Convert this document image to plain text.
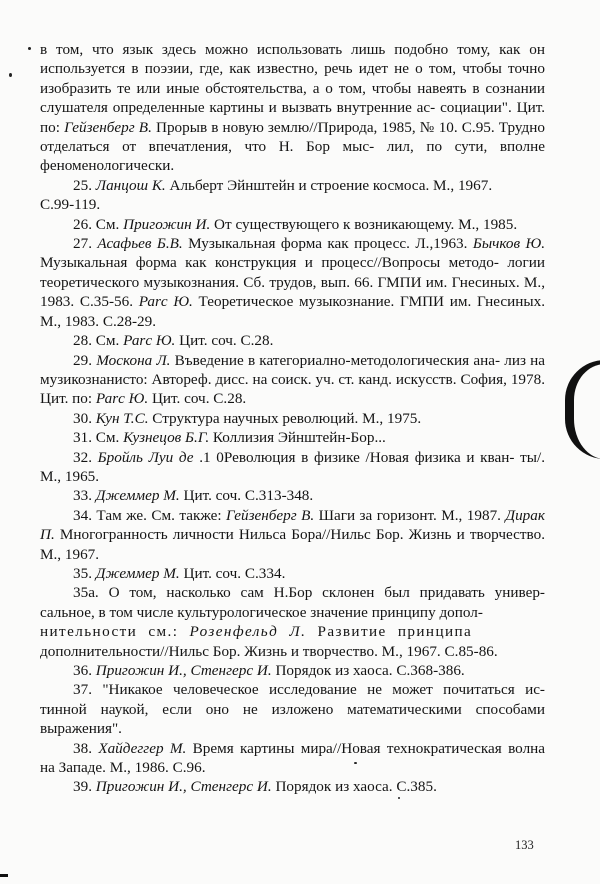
в том, что язык здесь можно использовать лишь подобно тому, как он используется в поэзии, где, как известно, речь идет не о том, чтобы точно изобразить те или иные обстоятельства, а о том, чтобы навеять в сознании слушателя определенные картины и вызвать внутренние ас- социации". Цит. по: Гейзенберг В. Прорыв в новую землю//Природа, 1985, № 10. С.95. Трудно отделаться от впечатления, что Н. Бор мыс- лил, по сути, вполне феноменологически.

25. Ланцош К. Альберт Эйнштейн и строение космоса. М., 1967.

С.99-119.

26. См. Пригожин И. От существующего к возникающему. М., 1985.

27. Асафьев Б.В. Музыкальная форма как процесс. Л.,1963. Бычков Ю. Музыкальная форма как конструкция и процесс//Вопросы методо- логии теоретического музыкознания. Сб. трудов, вып. 66. ГМПИ им. Гнесиных. М., 1983. С.35-56. Раrс Ю. Теоретическое музыкознание. ГМПИ им. Гнесиных. М., 1983. С.28-29.

28. См. Раrс Ю. Цит. соч. С.28.

29. Москона Л. Въведение в категориално-методологическия ана- лиз на музикознанисто: Автореф. дисс. на соиск. уч. ст. канд. искусств. София, 1978. Цит. по: Раrс Ю. Цит. соч. С.28.

30. Кун Т.С. Структура научных революций. М., 1975.

31. См. Кузнецов Б.Г. Коллизия Эйнштейн-Бор...

32. Бройль Луи де .1 0Революция в физике /Новая физика и кван- ты/. М., 1965.

33. Джеммер М. Цит. соч. С.313-348.

34. Там же. См. также: Гейзенберг В. Шаги за горизонт. М., 1987. Дирак П. Многогранность личности Нильса Бора//Нильс Бор. Жизнь и творчество. М., 1967.

35. Джеммер М. Цит. соч. С.334.

35а. О том, насколько сам Н.Бор склонен был придавать универ- сальное, в том числе культурологическое значение принципу допол-

нительности см.: Розенфельд Л. Развитие принципа

дополнительности//Нильс Бор. Жизнь и творчество. М., 1967. С.85-86.

36. Пригожин И., Стенгерс И. Порядок из хаоса. С.368-386.

37. "Никакое человеческое исследование не может почитаться ис- тинной наукой, если оно не изложено математическими способами выражения".

38. Хайдеггер М. Время картины мира//Новая технократическая волна на Западе. М., 1986. С.96.

39. Пригожин И., Стенгерс И. Порядок из хаоса. С.385.

133
